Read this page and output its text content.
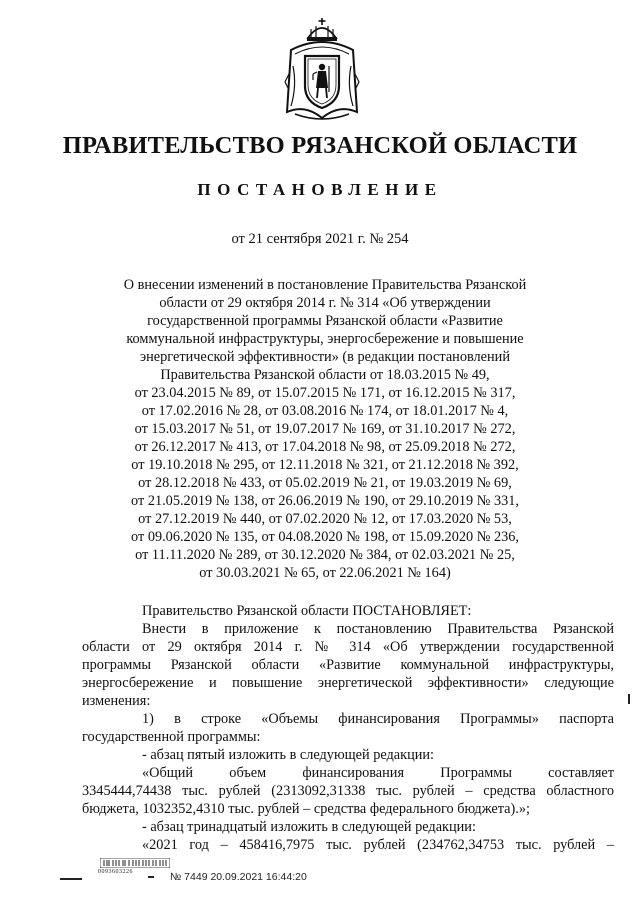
ПРАВИТЕЛЬСТВО РЯЗАНСКОЙ ОБЛАСТИ
ПОСТАНОВЛЕНИЕ
от 21 сентября 2021 г. № 254
О внесении изменений в постановление Правительства Рязанской
области от 29 октября 2014 г. № 314 «Об утверждении
государственной программы Рязанской области «Развитие
коммунальной инфраструктуры, энергосбережение и повышение
энергетической эффективности» (в редакции постановлений
Правительства Рязанской области от 18.03.2015 № 49,
от 23.04.2015 № 89, от 15.07.2015 № 171, от 16.12.2015 № 317,
от 17.02.2016 № 28, от 03.08.2016 № 174, от 18.01.2017 № 4,
от 15.03.2017 № 51, от 19.07.2017 № 169, от 31.10.2017 № 272,
от 26.12.2017 № 413, от 17.04.2018 № 98, от 25.09.2018 № 272,
от 19.10.2018 № 295, от 12.11.2018 № 321, от 21.12.2018 № 392,
от 28.12.2018 № 433, от 05.02.2019 № 21, от 19.03.2019 № 69,
от 21.05.2019 № 138, от 26.06.2019 № 190, от 29.10.2019 № 331,
от 27.12.2019 № 440, от 07.02.2020 № 12, от 17.03.2020 № 53,
от 09.06.2020 № 135, от 04.08.2020 № 198, от 15.09.2020 № 236,
от 11.11.2020 № 289, от 30.12.2020 № 384, от 02.03.2021 № 25,
от 30.03.2021 № 65, от 22.06.2021 № 164)
Правительство Рязанской области ПОСТАНОВЛЯЕТ:
Внести в приложение к постановлению Правительства Рязанской
области от 29 октября 2014 г. № 314 «Об утверждении государственной
программы Рязанской области «Развитие коммунальной инфраструктуры,
энергосбережение и повышение энергетической эффективности» следующие
изменения:
1) в строке «Объемы финансирования Программы» паспорта
государственной программы:
- абзац пятый изложить в следующей редакции:
«Общий объем финансирования Программы составляет
3345444,74438 тыс. рублей (2313092,31338 тыс. рублей – средства областного
бюджета, 1032352,4310 тыс. рублей – средства федерального бюджета).»;
- абзац тринадцатый изложить в следующей редакции:
«2021 год – 458416,7975 тыс. рублей (234762,34753 тыс. рублей –
0093603226	№ 7449 20.09.2021 16:44:20
